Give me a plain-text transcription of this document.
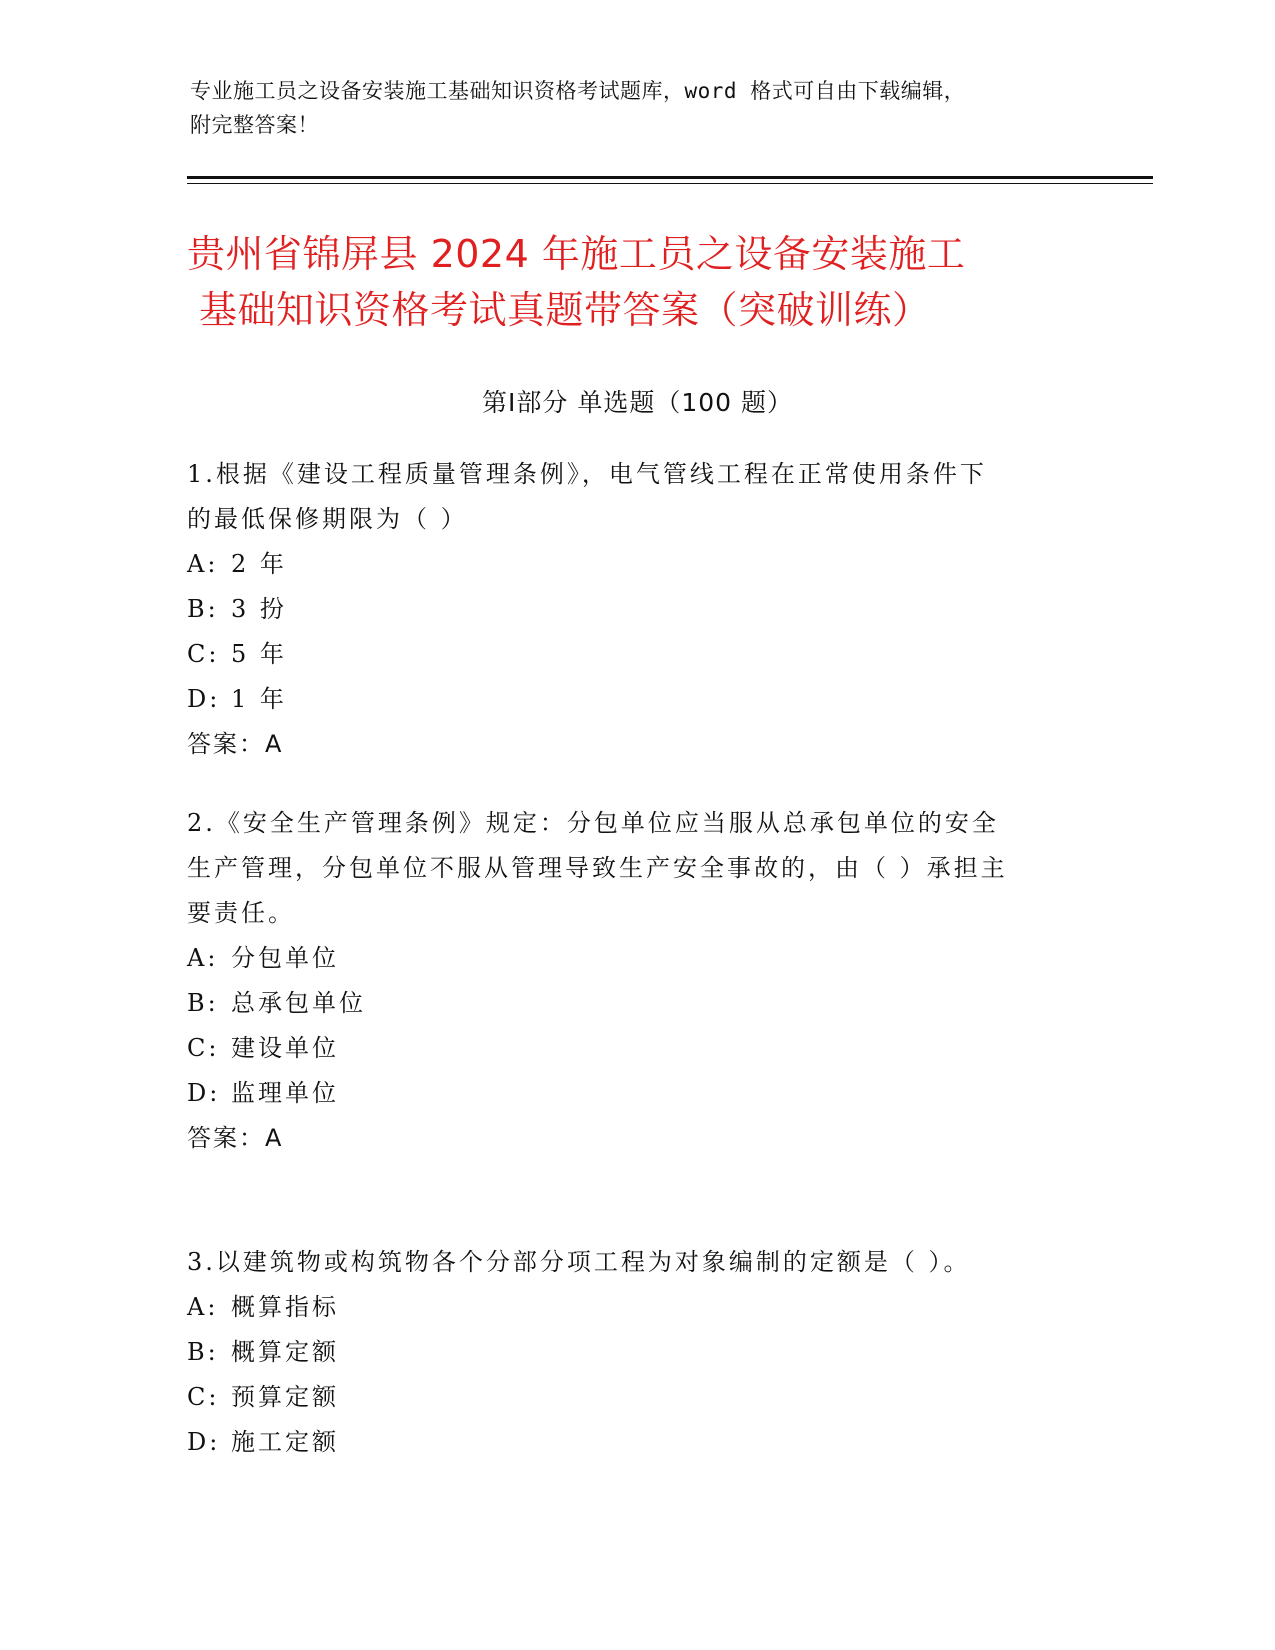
专业施工员之设备安装施工基础知识资格考试题库，word 格式可自由下载编辑，
附完整答案！
贵州省锦屏县 2024 年施工员之设备安装施工
基础知识资格考试真题带答案（突破训练）
第Ⅰ部分 单选题（100 题）

1.根据《建设工程质量管理条例》，电气管线工程在正常使用条件下
的最低保修期限为（ ）

A: 2 年

B: 3 扮

C: 5 年

D: 1 年

答案：A

2.《安全生产管理条例》规定：分包单位应当服从总承包单位的安全
生产管理，分包单位不服从管理导致生产安全事故的，由（ ）承担主
要责任。

A: 分包单位

B: 总承包单位

C: 建设单位

D: 监理单位

答案：A

3.以建筑物或构筑物各个分部分项工程为对象编制的定额是（ ）。

A: 概算指标

B: 概算定额

C: 预算定额

D: 施工定额
